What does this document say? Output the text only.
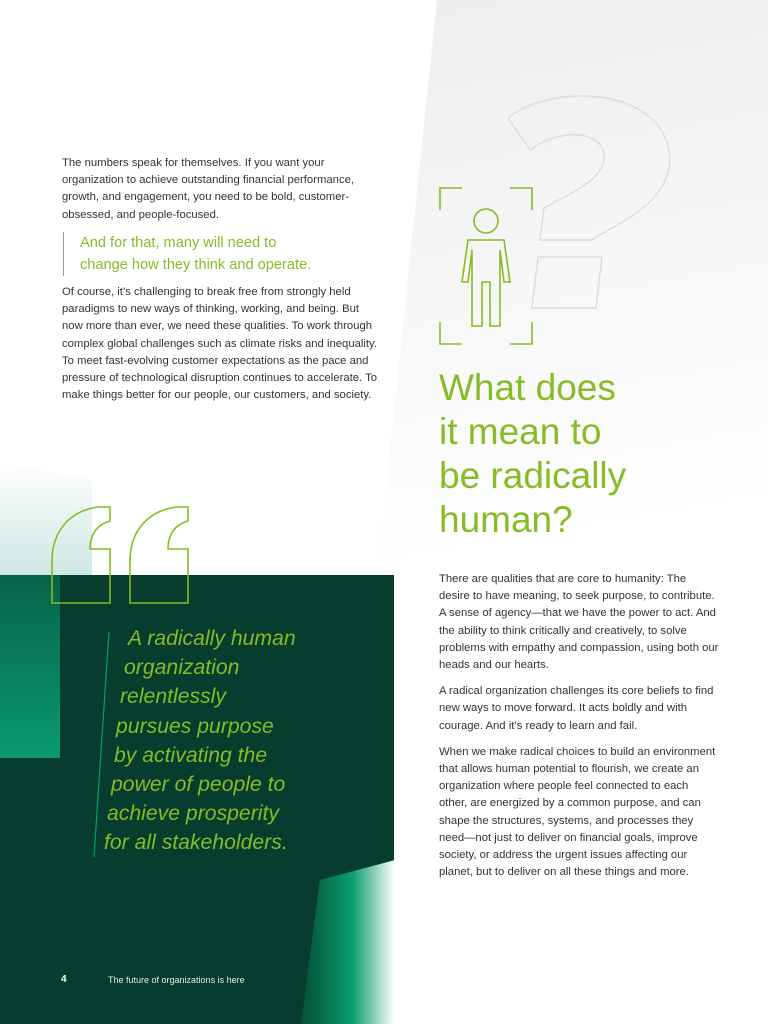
The numbers speak for themselves. If you want your organization to achieve outstanding financial performance, growth, and engagement, you need to be bold, customer-obsessed, and people-focused.

And for that, many will need to
change how they think and operate.

Of course, it’s challenging to break free from strongly held paradigms to new ways of thinking, working, and being. But now more than ever, we need these qualities. To work through complex global challenges such as climate risks and inequality. To meet fast-evolving customer expectations as the pace and pressure of technological disruption continues to accelerate. To make things better for our people, our customers, and society. What does
it mean to
be radically
human?

There are qualities that are core to humanity: The desire to have meaning, to seek purpose, to contribute. A sense of agency—that we have the power to act. And the ability to think critically and creatively, to solve problems with empathy and compassion, using both our heads and our hearts.

A radical organization challenges its core beliefs to find new ways to move forward. It acts boldly and with courage. And it’s ready to learn and fail.

When we make radical choices to build an environment that allows human potential to flourish, we create an organization where people feel connected to each other, are energized by a common purpose, and can shape the structures, systems, and processes they need—not just to deliver on financial goals, improve society, or address the urgent issues affecting our planet, but to deliver on all these things and more.

A radically human
organization
relentlessly
pursues purpose
by activating the
power of people to
achieve prosperity
for all stakeholders.

4	The future of organizations is here
